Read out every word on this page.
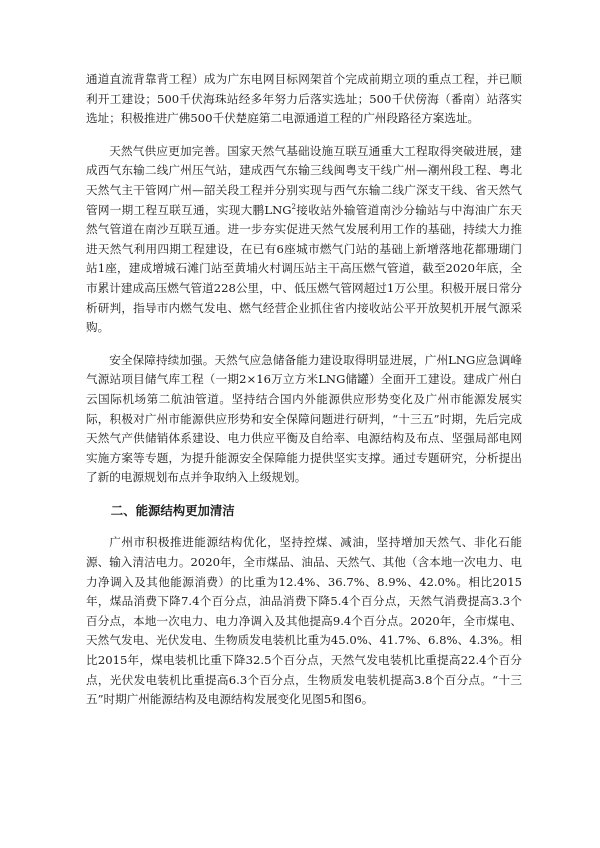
通道直流背靠背工程）成为广东电网目标网架首个完成前期立项的重点工程，并已顺利开工建设；500千伏海珠站经多年努力后落实选址；500千伏傍海（番南）站落实选址；积极推进广佛500千伏楚庭第二电源通道工程的广州段路径方案选址。

天然气供应更加完善。国家天然气基础设施互联互通重大工程取得突破进展，建成西气东输二线广州压气站，建成西气东输三线闽粤支干线广州—潮州段工程、粤北天然气主干管网广州—韶关段工程并分别实现与西气东输二线广深支干线、省天然气管网一期工程互联互通，实现大鹏LNG$^2$接收站外输管道南沙分输站与中海油广东天然气管道在南沙互联互通。进一步夯实促进天然气发展利用工作的基础，持续大力推进天然气利用四期工程建设，在已有6座城市燃气门站的基础上新增落地花都珊瑚门站1座，建成增城石滩门站至黄埔火村调压站主干高压燃气管道，截至2020年底，全市累计建成高压燃气管道228公里，中、低压燃气管网超过1万公里。积极开展日常分析研判，指导市内燃气发电、燃气经营企业抓住省内接收站公平开放契机开展气源采购。

安全保障持续加强。天然气应急储备能力建设取得明显进展，广州LNG应急调峰气源站项目储气库工程（一期2×16万立方米LNG储罐）全面开工建设。建成广州白云国际机场第二航油管道。坚持结合国内外能源供应形势变化及广州市能源发展实际，积极对广州市能源供应形势和安全保障问题进行研判，“十三五”时期，先后完成天然气产供储销体系建设、电力供应平衡及自给率、电源结构及布点、坚强局部电网实施方案等专题，为提升能源安全保障能力提供坚实支撑。通过专题研究，分析提出了新的电源规划布点并争取纳入上级规划。

二、能源结构更加清洁

广州市积极推进能源结构优化，坚持控煤、减油，坚持增加天然气、非化石能源、输入清洁电力。2020年，全市煤品、油品、天然气、其他（含本地一次电力、电力净调入及其他能源消费）的比重为12.4%、36.7%、8.9%、42.0%。相比2015年，煤品消费下降7.4个百分点，油品消费下降5.4个百分点，天然气消费提高3.3个百分点，本地一次电力、电力净调入及其他提高9.4个百分点。2020年，全市煤电、天然气发电、光伏发电、生物质发电装机比重为45.0%、41.7%、6.8%、4.3%。相比2015年，煤电装机比重下降32.5个百分点，天然气发电装机比重提高22.4个百分点，光伏发电装机比重提高6.3个百分点，生物质发电装机提高3.8个百分点。“十三五”时期广州能源结构及电源结构发展变化见图5和图6。
